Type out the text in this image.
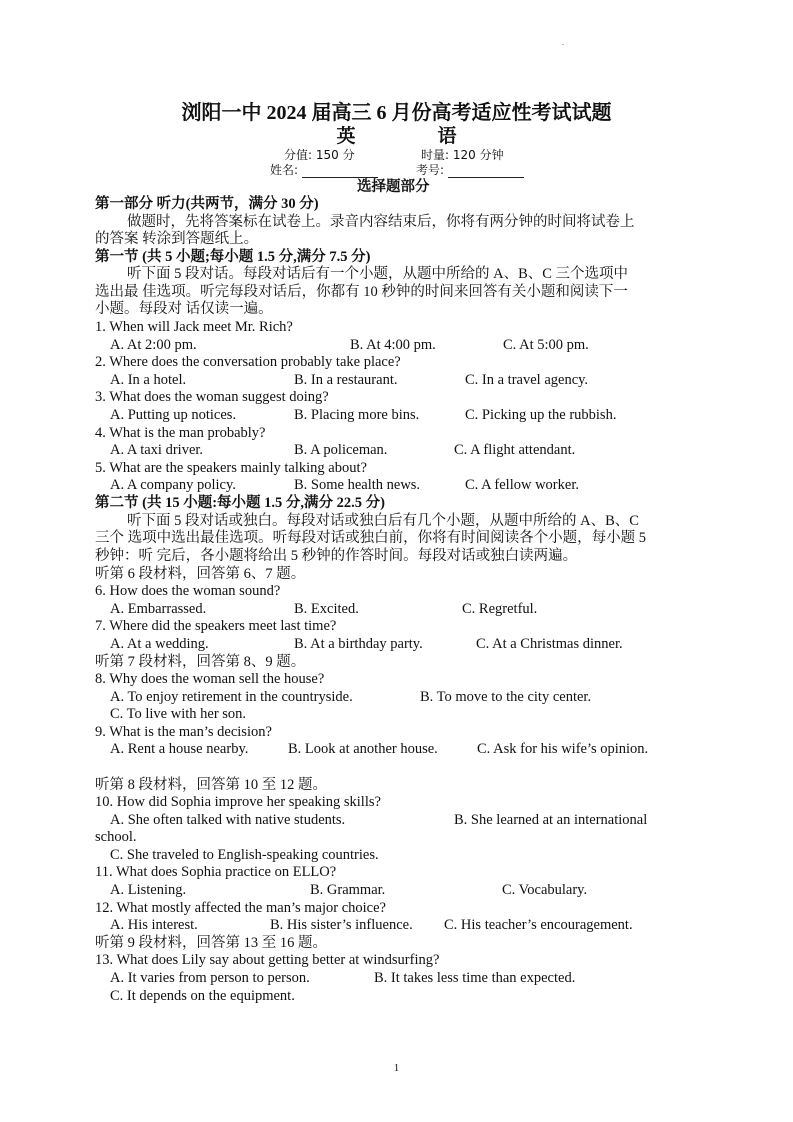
.
浏阳一中 2024 届高三 6 月份高考适应性考试试题
英	语
分值: 150 分	时量: 120 分钟
姓名:	考号:
选择题部分
第一部分 听力(共两节，满分 30 分)
做题时，先将答案标在试卷上。录音内容结束后，你将有两分钟的时间将试卷上
的答案 转涂到答题纸上。
第一节 (共 5 小题;每小题 1.5 分,满分 7.5 分)
听下面 5 段对话。每段对话后有一个小题，从题中所给的 A、B、C 三个选项中
选出最 佳选项。听完每段对话后，你都有 10 秒钟的时间来回答有关小题和阅读下一
小题。每段对 话仅读一遍。
1. When will Jack meet Mr. Rich?
A. At 2:00 pm.	B. At 4:00 pm.	C. At 5:00 pm.
2. Where does the conversation probably take place?
A. In a hotel.	B. In a restaurant.	C. In a travel agency.
3. What does the woman suggest doing?
A. Putting up notices.	B. Placing more bins.	C. Picking up the rubbish.
4. What is the man probably?
A. A taxi driver.	B. A policeman.	C. A flight attendant.
5. What are the speakers mainly talking about?
A. A company policy.	B. Some health news.	C. A fellow worker.
第二节 (共 15 小题:每小题 1.5 分,满分 22.5 分)
听下面 5 段对话或独白。每段对话或独白后有几个小题，从题中所给的 A、B、C
三个 选项中选出最佳选项。听每段对话或独白前，你将有时间阅读各个小题，每小题 5
秒钟：听 完后，各小题将给出 5 秒钟的作答时间。每段对话或独白读两遍。
听第 6 段材料，回答第 6、7 题。
6. How does the woman sound?
A. Embarrassed.	B. Excited.	C. Regretful.
7. Where did the speakers meet last time?
A. At a wedding.	B. At a birthday party.	C. At a Christmas dinner.
听第 7 段材料，回答第 8、9 题。
8. Why does the woman sell the house?
A. To enjoy retirement in the countryside.	B. To move to the city center.
C. To live with her son.
9. What is the man’s decision?
A. Rent a house nearby.	B. Look at another house.	C. Ask for his wife’s opinion.
听第 8 段材料，回答第 10 至 12 题。
10. How did Sophia improve her speaking skills?
A. She often talked with native students.	B. She learned at an international
school.
C. She traveled to English-speaking countries.
11. What does Sophia practice on ELLO?
A. Listening.	B. Grammar.	C. Vocabulary.
12. What mostly affected the man’s major choice?
A. His interest.	B. His sister’s influence. C. His teacher’s encouragement.
听第 9 段材料，回答第 13 至 16 题。
13. What does Lily say about getting better at windsurfing?
A. It varies from person to person.	B. It takes less time than expected.
C. It depends on the equipment.
1
